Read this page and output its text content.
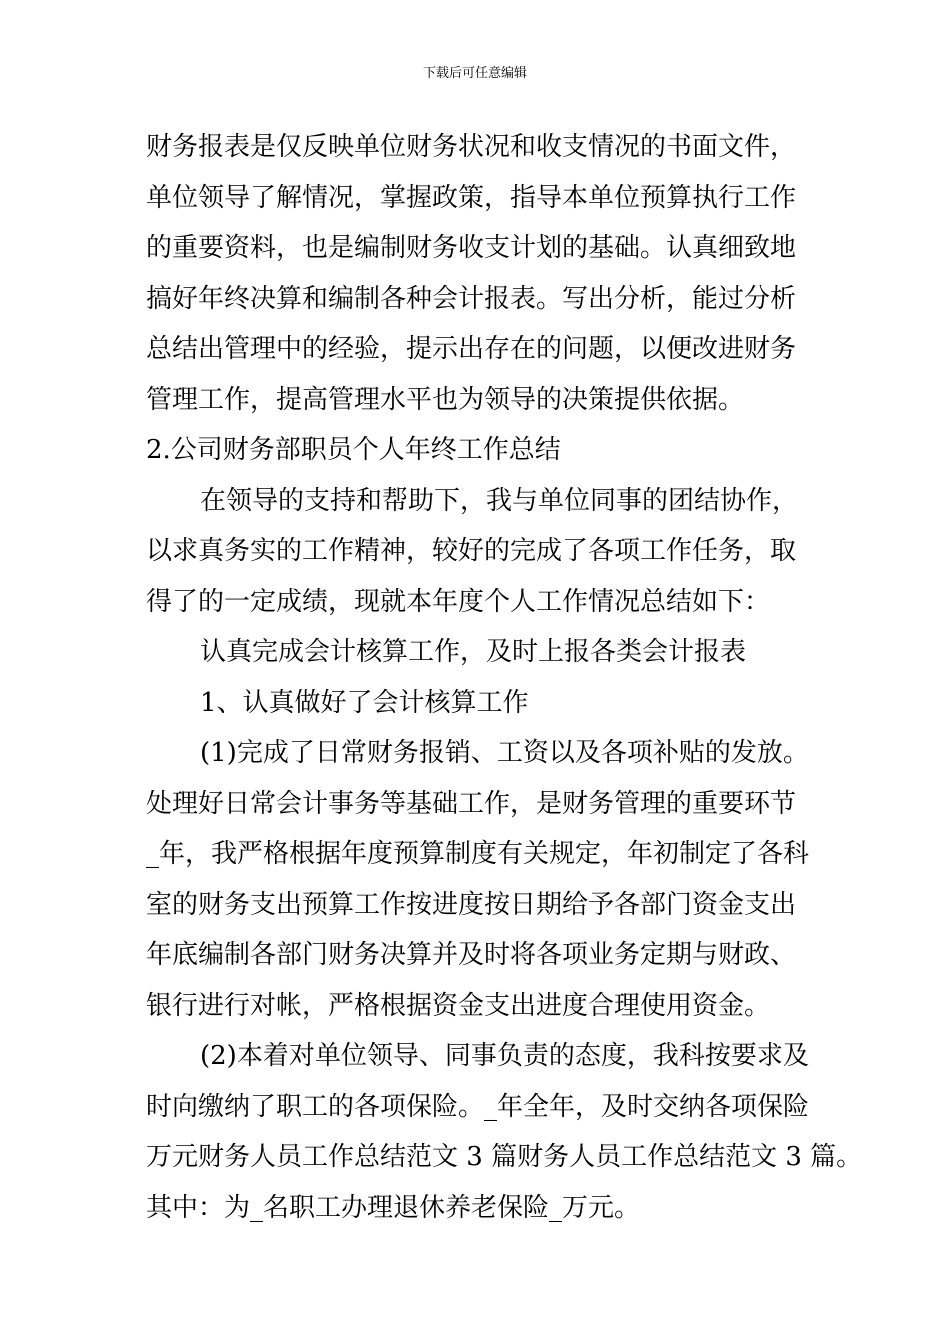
下载后可任意编辑
财务报表是仅反映单位财务状况和收支情况的书面文件，
单位领导了解情况，掌握政策，指导本单位预算执行工作
的重要资料，也是编制财务收支计划的基础。认真细致地
搞好年终决算和编制各种会计报表。写出分析，能过分析
总结出管理中的经验，提示出存在的问题，以便改进财务
管理工作，提高管理水平也为领导的决策提供依据。
2.公司财务部职员个人年终工作总结
在领导的支持和帮助下，我与单位同事的团结协作，
以求真务实的工作精神，较好的完成了各项工作任务，取
得了的一定成绩，现就本年度个人工作情况总结如下：
认真完成会计核算工作，及时上报各类会计报表
1、认真做好了会计核算工作
(1)完成了日常财务报销、工资以及各项补贴的发放。
处理好日常会计事务等基础工作，是财务管理的重要环节
_年，我严格根据年度预算制度有关规定，年初制定了各科
室的财务支出预算工作按进度按日期给予各部门资金支出
年底编制各部门财务决算并及时将各项业务定期与财政、
银行进行对帐，严格根据资金支出进度合理使用资金。
(2)本着对单位领导、同事负责的态度，我科按要求及
时向缴纳了职工的各项保险。_年全年，及时交纳各项保险
万元财务人员工作总结范文 3 篇财务人员工作总结范文 3 篇。
其中：为_名职工办理退休养老保险_万元。
